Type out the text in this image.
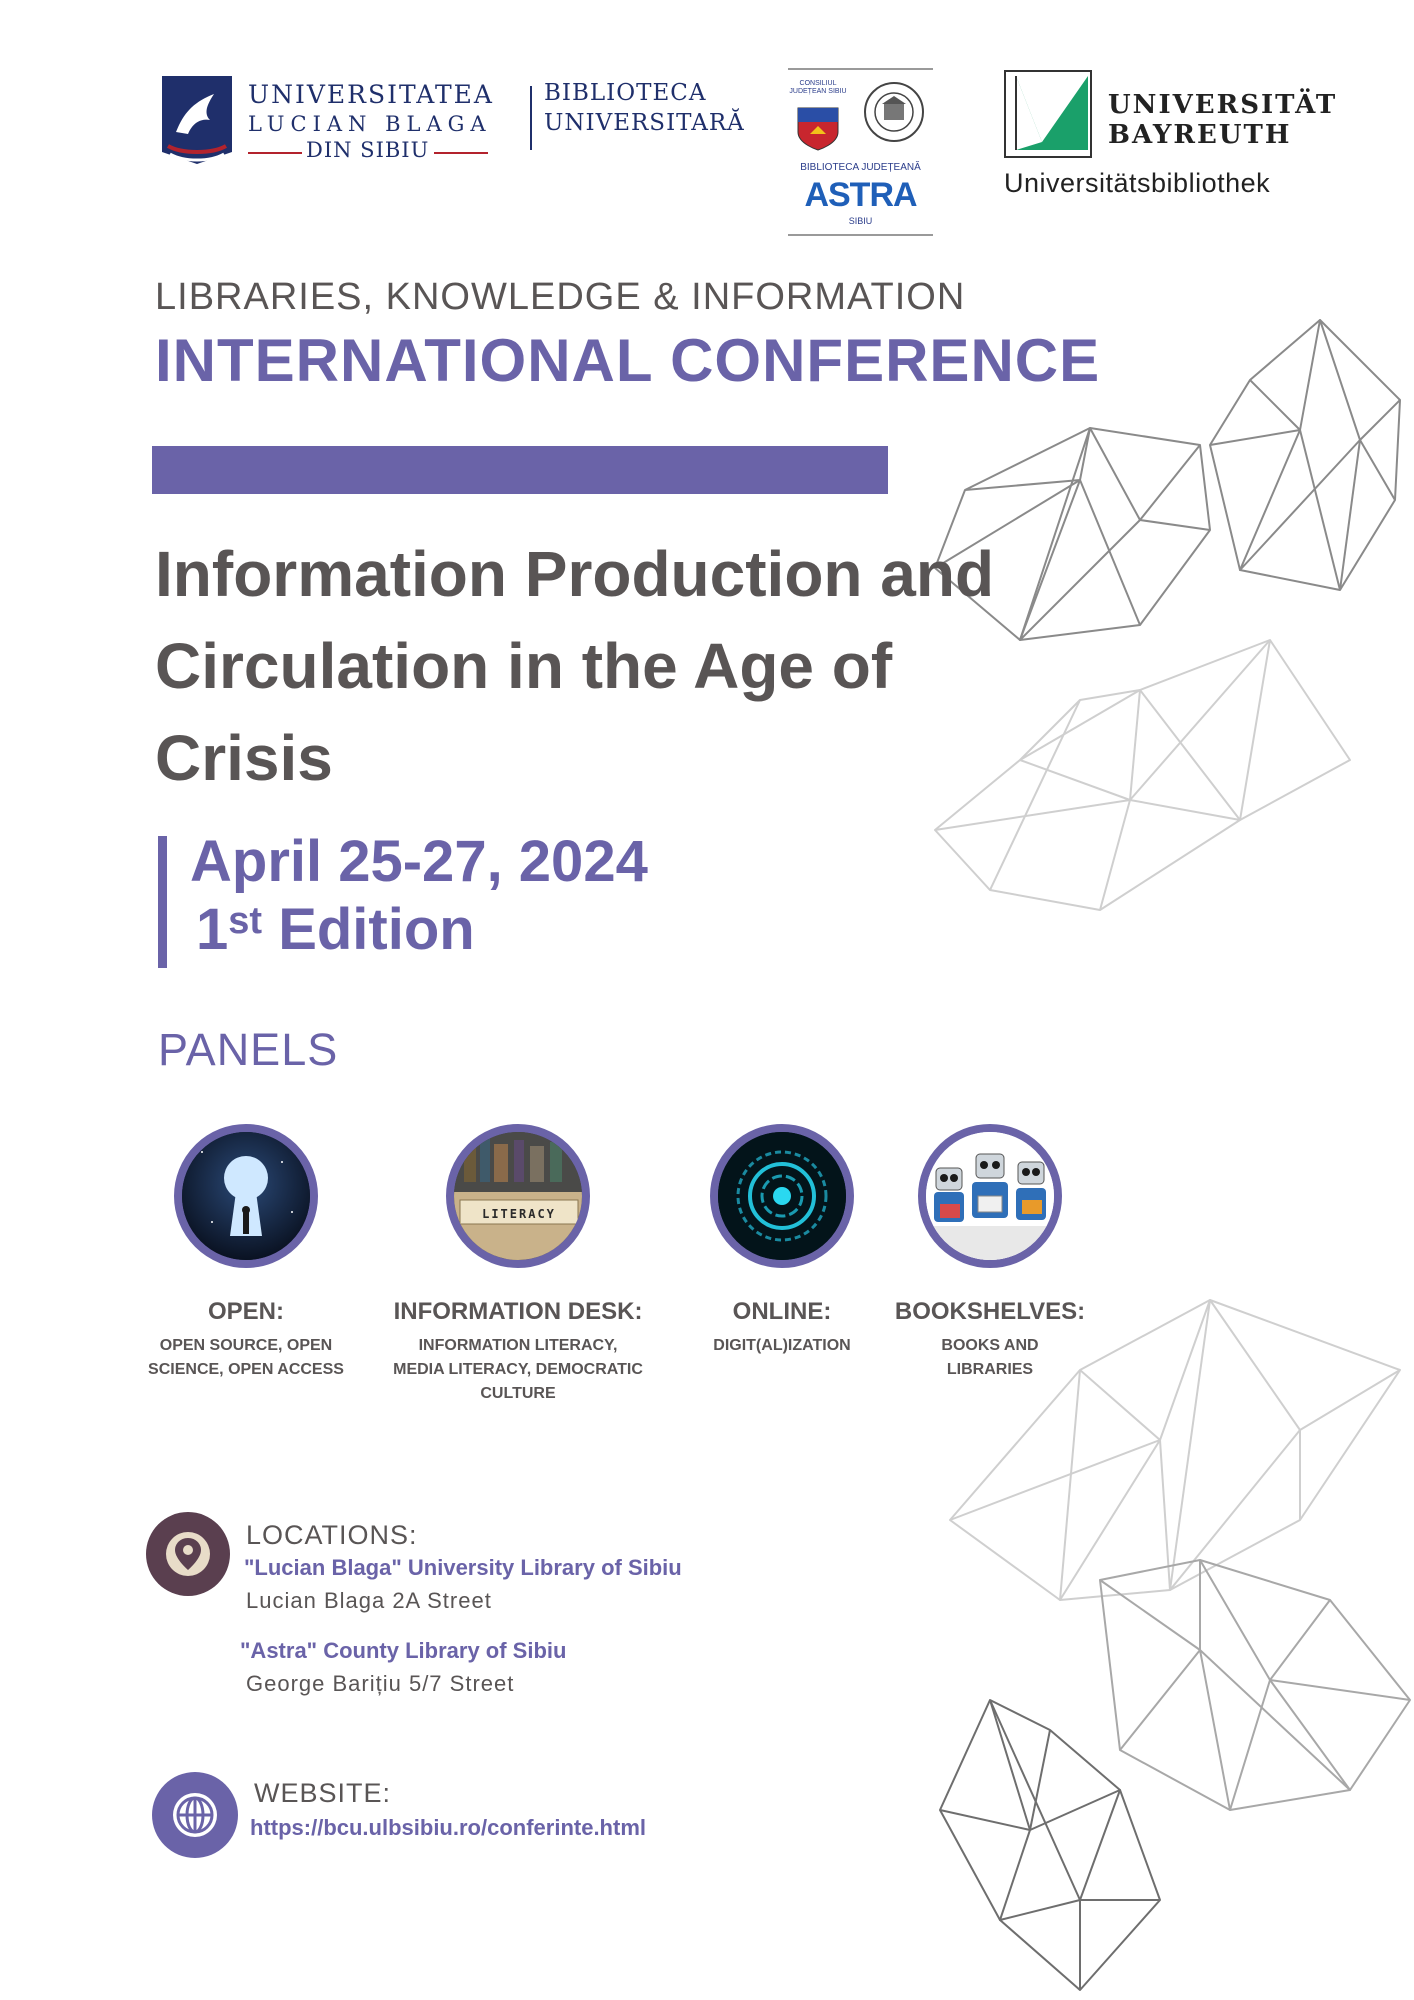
UNIVERSITATEA
LUCIAN BLAGA
DIN SIBIU
BIBLIOTECA
UNIVERSITARĂ
CONSILIUL JUDEȚEAN SIBIU
BIBLIOTECA JUDEȚEANĂ
ASTRA
SIBIU
UNIVERSITÄT
BAYREUTH
Universitätsbibliothek
LIBRARIES, KNOWLEDGE & INFORMATION
INTERNATIONAL CONFERENCE
Information Production and Circulation in the Age of Crisis
April 25-27, 2024
1st Edition
PANELS
OPEN:
OPEN SOURCE, OPEN SCIENCE, OPEN ACCESS
LITERACY
INFORMATION DESK:
INFORMATION LITERACY, MEDIA LITERACY, DEMOCRATIC CULTURE
ONLINE:
DIGIT(AL)IZATION
BOOKSHELVES:
BOOKS AND LIBRARIES
LOCATIONS:
"Lucian Blaga" University Library of Sibiu
Lucian Blaga 2A Street
"Astra" County Library of Sibiu
George Barițiu 5/7 Street
WEBSITE:
https://bcu.ulbsibiu.ro/conferinte.html
